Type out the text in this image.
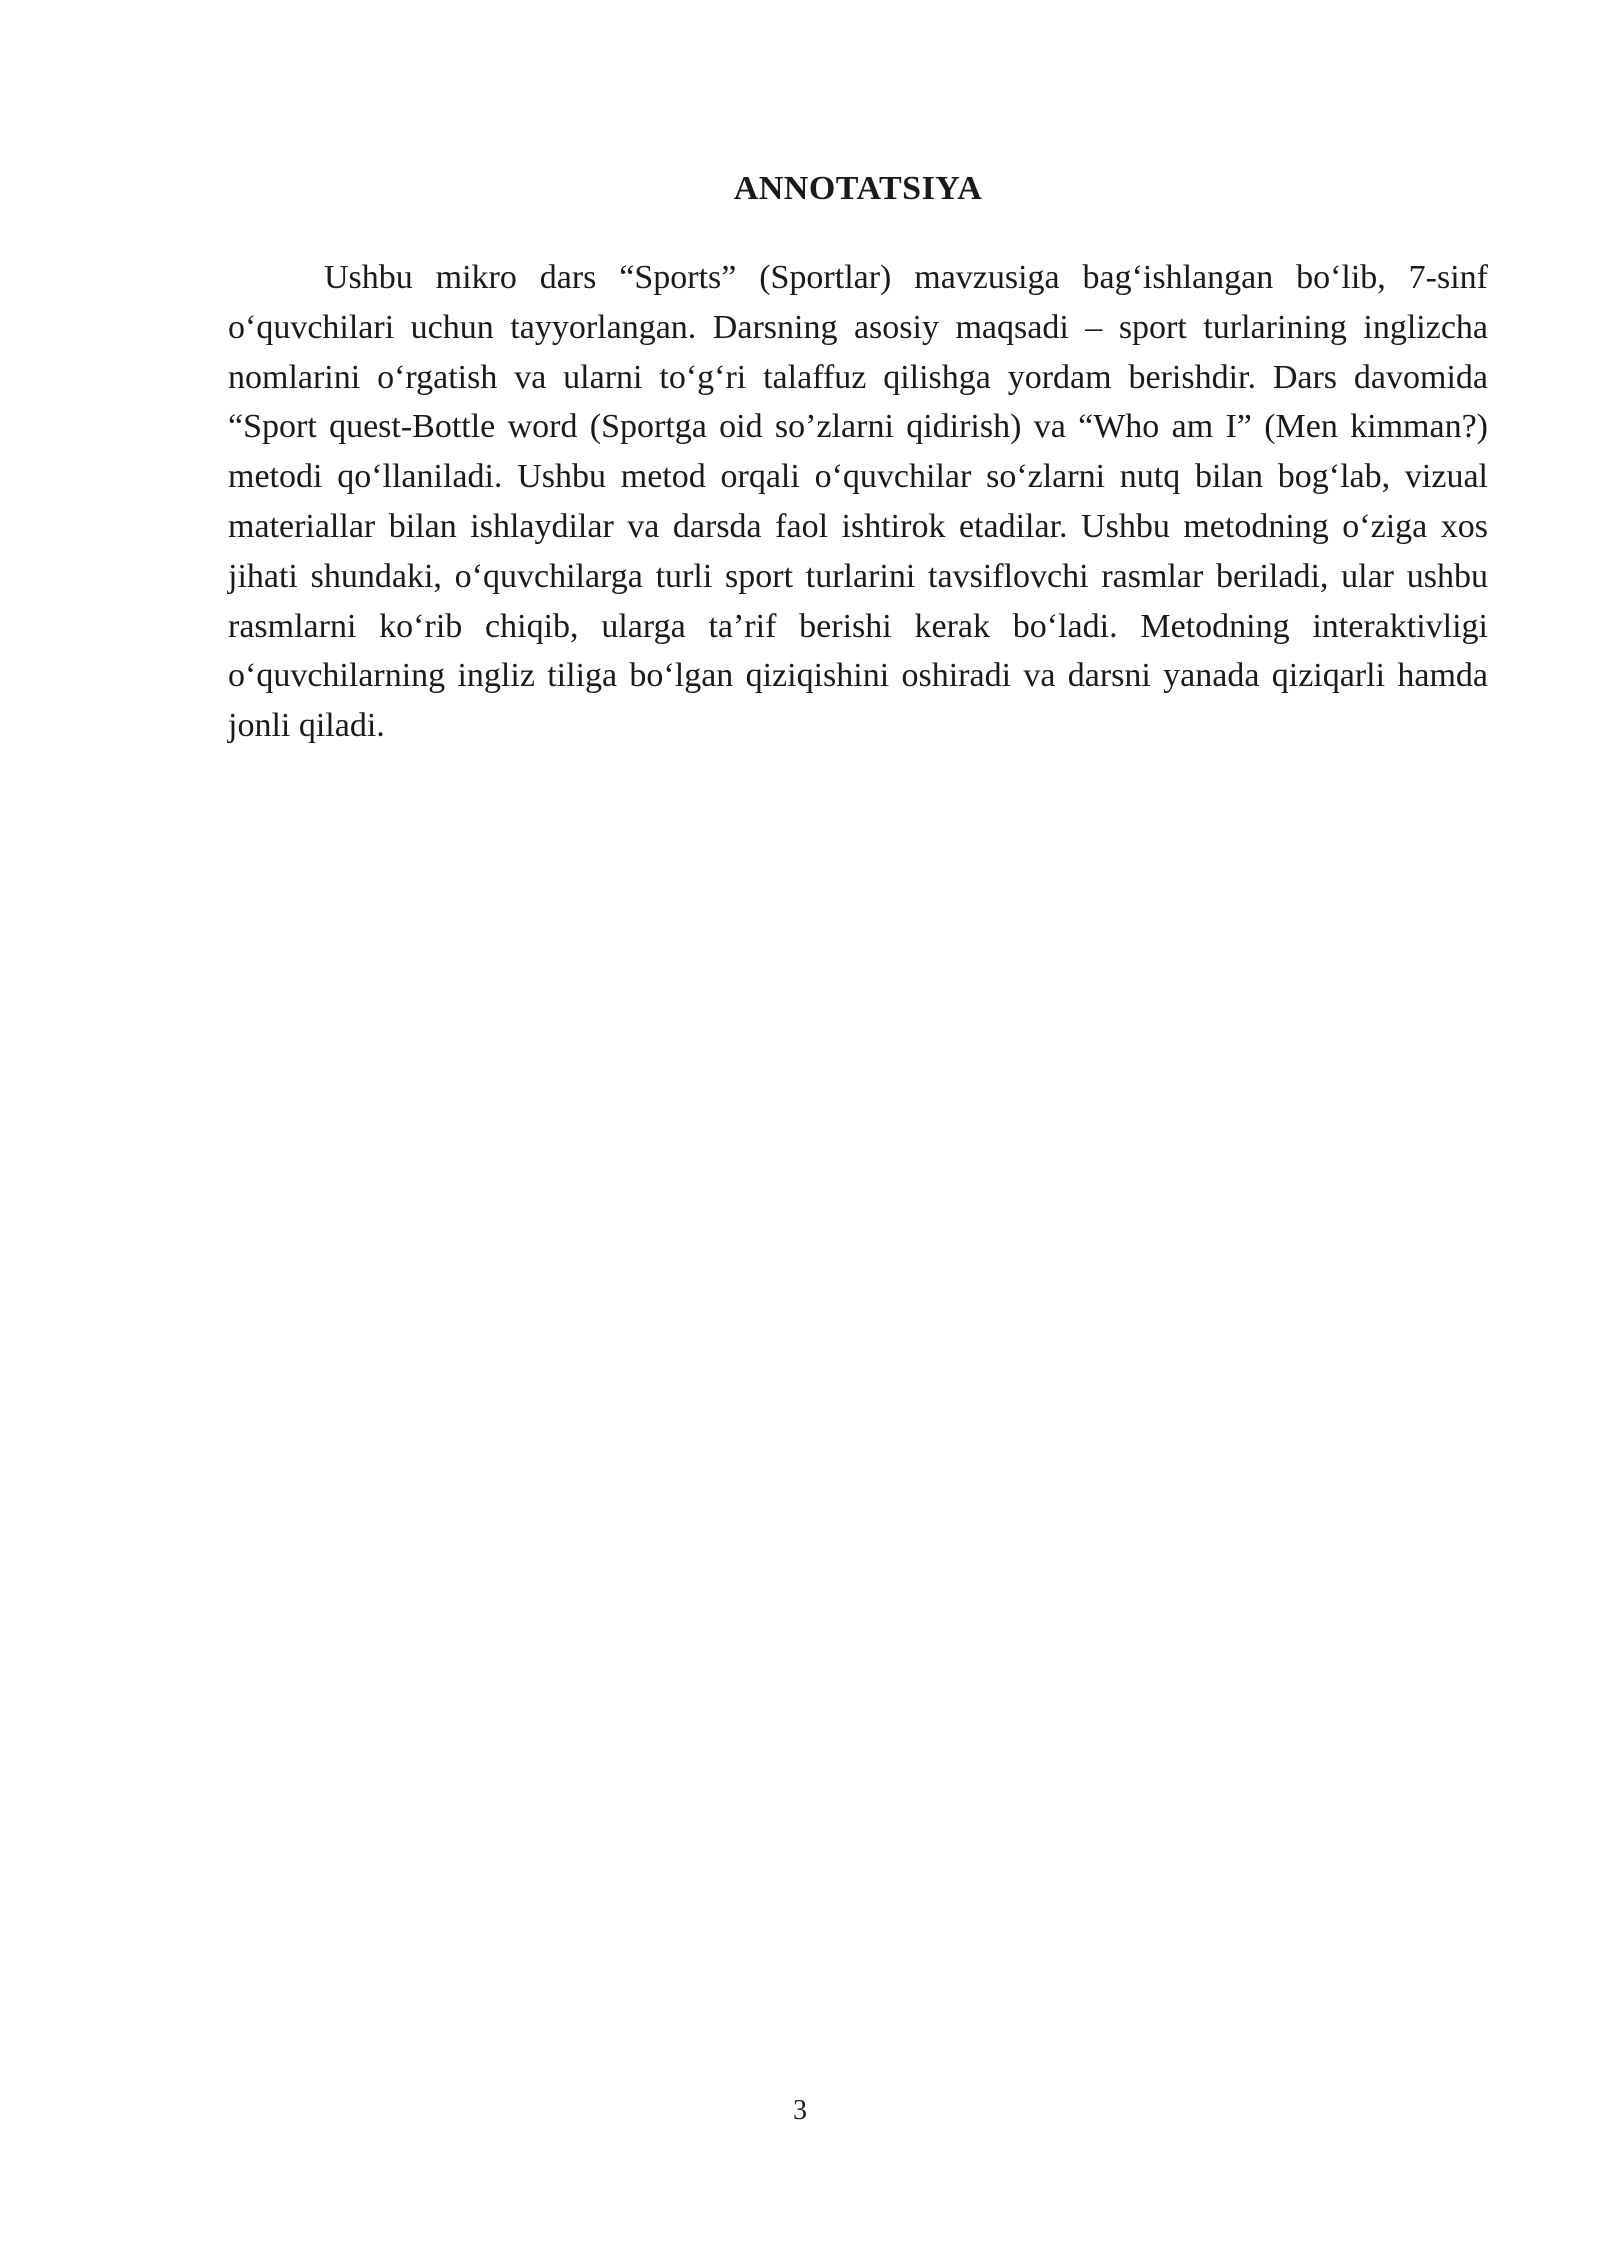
ANNOTATSIYA

Ushbu mikro dars “Sports” (Sportlar) mavzusiga bag‘ishlangan bo‘lib, 7-sinf o‘quvchilari uchun tayyorlangan. Darsning asosiy maqsadi – sport turlarining inglizcha nomlarini o‘rgatish va ularni to‘g‘ri talaffuz qilishga yordam berishdir. Dars davomida “Sport quest-Bottle word (Sportga oid so’zlarni qidirish) va “Who am I” (Men kimman?) metodi qo‘llaniladi. Ushbu metod orqali o‘quvchilar so‘zlarni nutq bilan bog‘lab, vizual materiallar bilan ishlaydilar va darsda faol ishtirok etadilar. Ushbu metodning o‘ziga xos jihati shundaki, o‘quvchilarga turli sport turlarini tavsiflovchi rasmlar beriladi, ular ushbu rasmlarni ko‘rib chiqib, ularga ta’rif berishi kerak bo‘ladi. Metodning interaktivligi o‘quvchilarning ingliz tiliga bo‘lgan qiziqishini oshiradi va darsni yanada qiziqarli hamda jonli qiladi.

3
